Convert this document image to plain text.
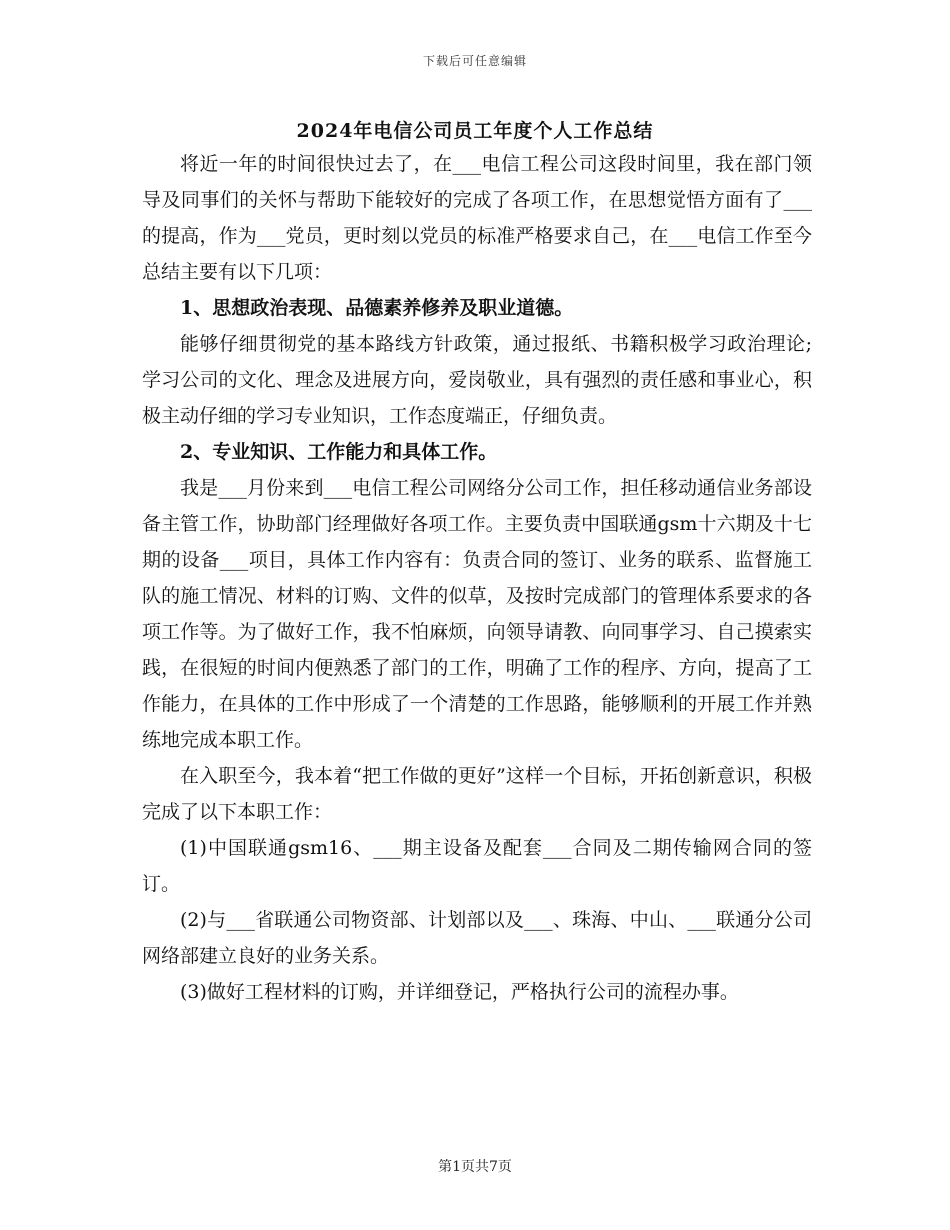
下载后可任意编辑
2024年电信公司员工年度个人工作总结

将近一年的时间很快过去了，在___电信工程公司这段时间里，我在部门领导及同事们的关怀与帮助下能较好的完成了各项工作，在思想觉悟方面有了___的提高，作为___党员，更时刻以党员的标准严格要求自己，在___电信工作至今总结主要有以下几项：

1、思想政治表现、品德素养修养及职业道德。

能够仔细贯彻党的基本路线方针政策，通过报纸、书籍积极学习政治理论;学习公司的文化、理念及进展方向，爱岗敬业，具有强烈的责任感和事业心，积极主动仔细的学习专业知识，工作态度端正，仔细负责。

2、专业知识、工作能力和具体工作。

我是___月份来到___电信工程公司网络分公司工作，担任移动通信业务部设备主管工作，协助部门经理做好各项工作。主要负责中国联通gsm十六期及十七期的设备___项目，具体工作内容有：负责合同的签订、业务的联系、监督施工队的施工情况、材料的订购、文件的似草，及按时完成部门的管理体系要求的各项工作等。为了做好工作，我不怕麻烦，向领导请教、向同事学习、自己摸索实践，在很短的时间内便熟悉了部门的工作，明确了工作的程序、方向，提高了工作能力，在具体的工作中形成了一个清楚的工作思路，能够顺利的开展工作并熟练地完成本职工作。

在入职至今，我本着“把工作做的更好”这样一个目标，开拓创新意识，积极完成了以下本职工作：

(1)中国联通gsm16、___期主设备及配套___合同及二期传输网合同的签订。

(2)与___省联通公司物资部、计划部以及___、珠海、中山、___联通分公司网络部建立良好的业务关系。

(3)做好工程材料的订购，并详细登记，严格执行公司的流程办事。

第1页共7页
